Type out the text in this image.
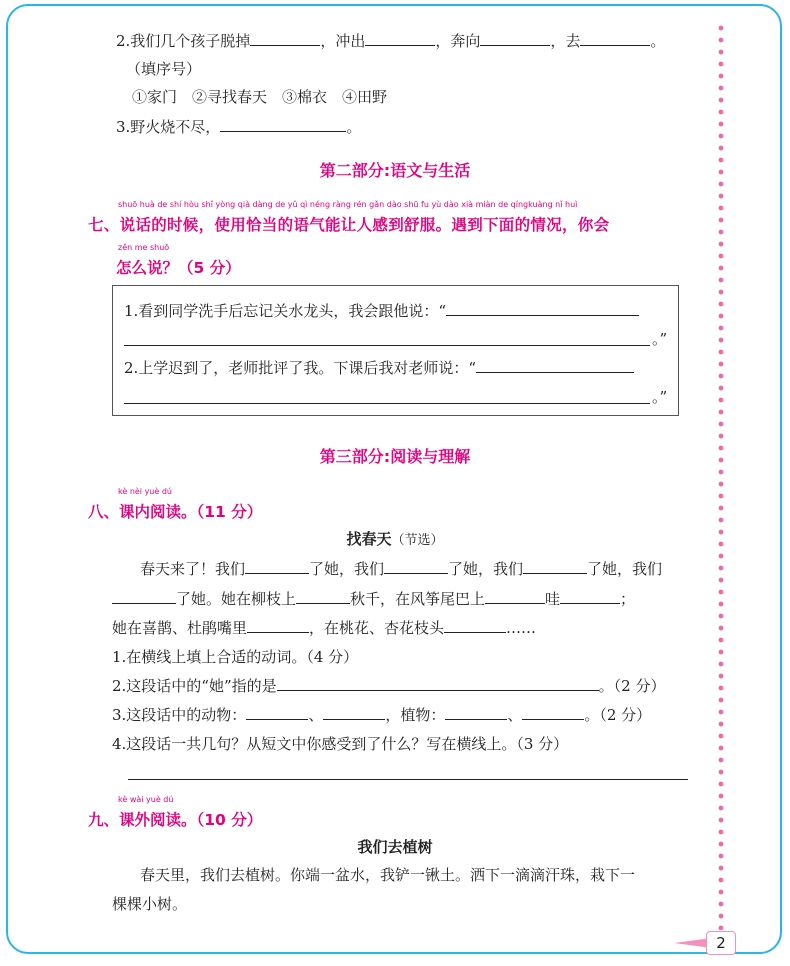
2.我们几个孩子脱掉	，冲出	，奔向	，去	。
（填序号）
①家门　②寻找春天　③棉衣　④田野
3.野火烧不尽，	。
第二部分:语文与生活
shuō huà de shí hòu shǐ yòng qià dàng de yǔ qì néng ràng rén gǎn dào shū fu yù dào xià miàn de qíngkuàng nǐ huì
七、说话的时候，使用恰当的语气能让人感到舒服。遇到下面的情况，你会
zěn me shuō
怎么说？（5 分）
1.看到同学洗手后忘记关水龙头，我会跟他说：“
。”
2.上学迟到了，老师批评了我。下课后我对老师说：“
。”
第三部分:阅读与理解
kè nèi yuè dú
八、课内阅读。（11 分）
找春天（节选）
春天来了！我们	了她，我们	了她，我们	了她，我们
了她。她在柳枝上	秋千，在风筝尾巴上	哇	；
她在喜鹊、杜鹃嘴里	，在桃花、杏花枝头	……
1.在横线上填上合适的动词。（4 分）
2.这段话中的“她”指的是	。（2 分）
3.这段话中的动物：	、	，植物：	、	。（2 分）
4.这段话一共几句？从短文中你感受到了什么？写在横线上。（3 分）
kè wài yuè dú
九、课外阅读。（10 分）
我们去植树
春天里，我们去植树。你端一盆水，我铲一锹土。洒下一滴滴汗珠，栽下一
棵棵小树。
2
